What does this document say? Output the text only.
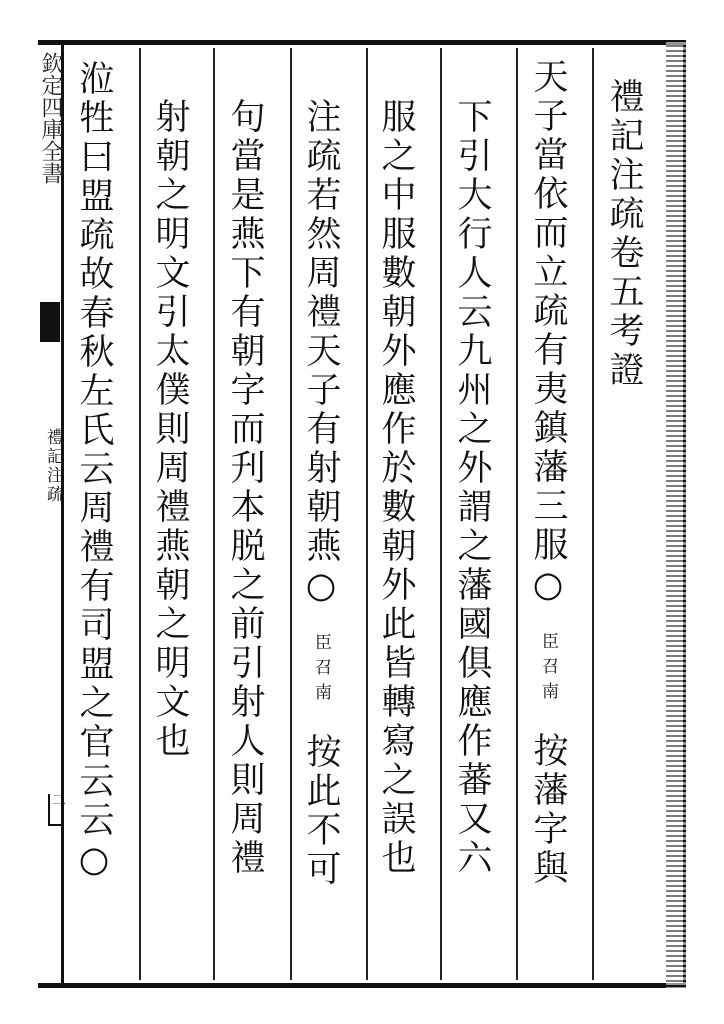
欽定四庫全書
禮記注疏
二
禮記注疏卷五考證
天子當依而立疏有夷鎮藩三服○ 臣召南 按藩字與
下引大行人云九州之外謂之藩國俱應作蕃又六
服之中服數朝外應作於數朝外此皆轉寫之誤也
注疏若然周禮天子有射朝燕○ 臣召南 按此不可
句當是燕下有朝字而刋本脱之前引射人則周禮
射朝之明文引太僕則周禮燕朝之明文也
涖牲曰盟疏故春秋左氏云周禮有司盟之官云云○
